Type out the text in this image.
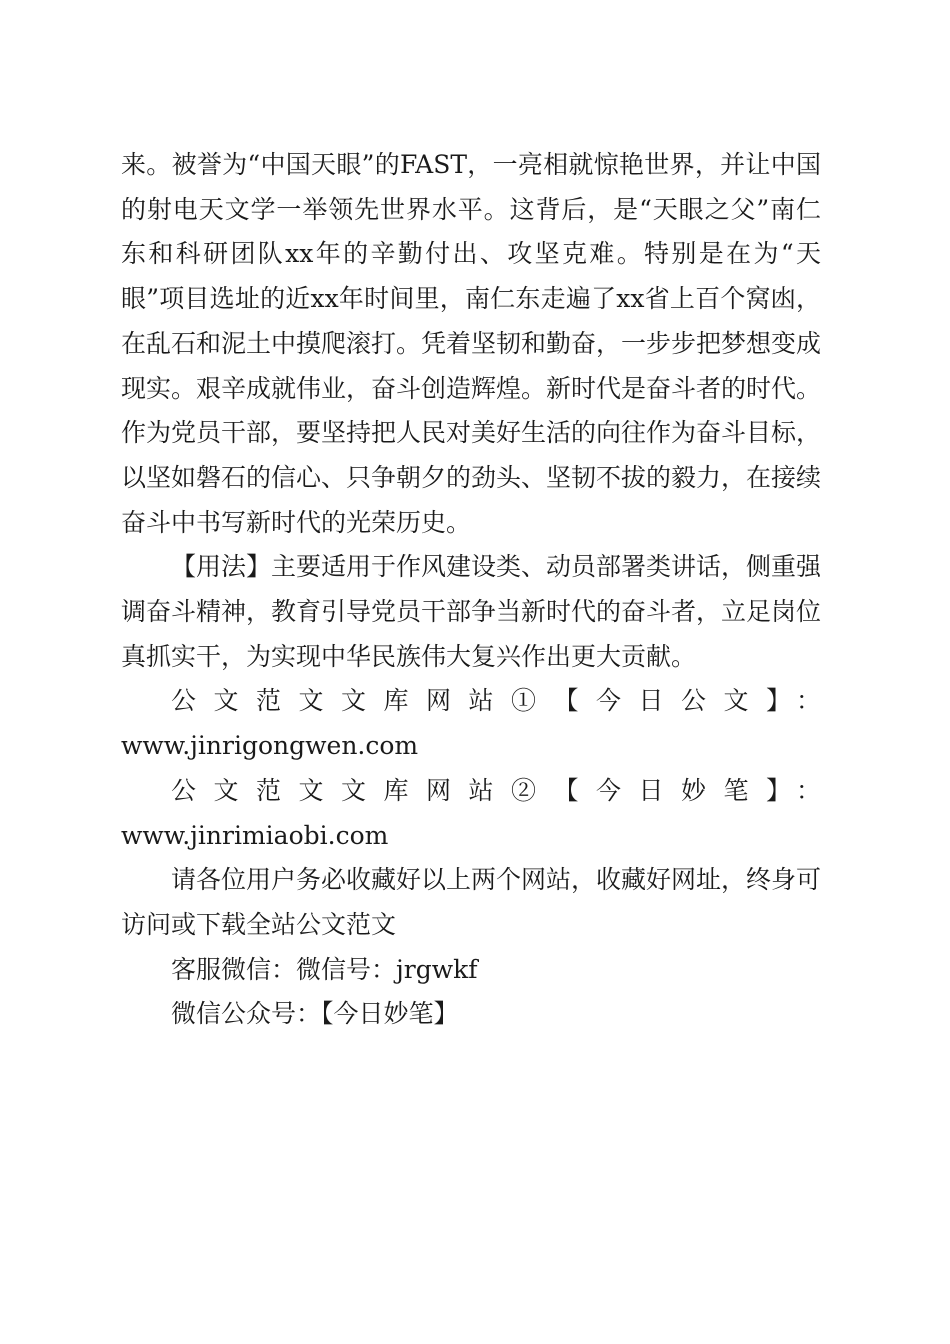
来。被誉为“中国天眼”的FAST，一亮相就惊艳世界，并让中国的射电天文学一举领先世界水平。这背后，是“天眼之父”南仁东和科研团队xx年的辛勤付出、攻坚克难。特别是在为“天眼”项目选址的近xx年时间里，南仁东走遍了xx省上百个窝凼，在乱石和泥土中摸爬滚打。凭着坚韧和勤奋，一步步把梦想变成现实。艰辛成就伟业，奋斗创造辉煌。新时代是奋斗者的时代。作为党员干部，要坚持把人民对美好生活的向往作为奋斗目标，以坚如磐石的信心、只争朝夕的劲头、坚韧不拔的毅力，在接续奋斗中书写新时代的光荣历史。

【用法】主要适用于作风建设类、动员部署类讲话，侧重强调奋斗精神，教育引导党员干部争当新时代的奋斗者，立足岗位真抓实干，为实现中华民族伟大复兴作出更大贡献。

公文范文文库网站①【今日公文】：

www.jinrigongwen.com

公文范文文库网站②【今日妙笔】：www.jinrimiaobi.com

请各位用户务必收藏好以上两个网站，收藏好网址，终身可访问或下载全站公文范文

客服微信：微信号：jrgwkf

微信公众号：【今日妙笔】
